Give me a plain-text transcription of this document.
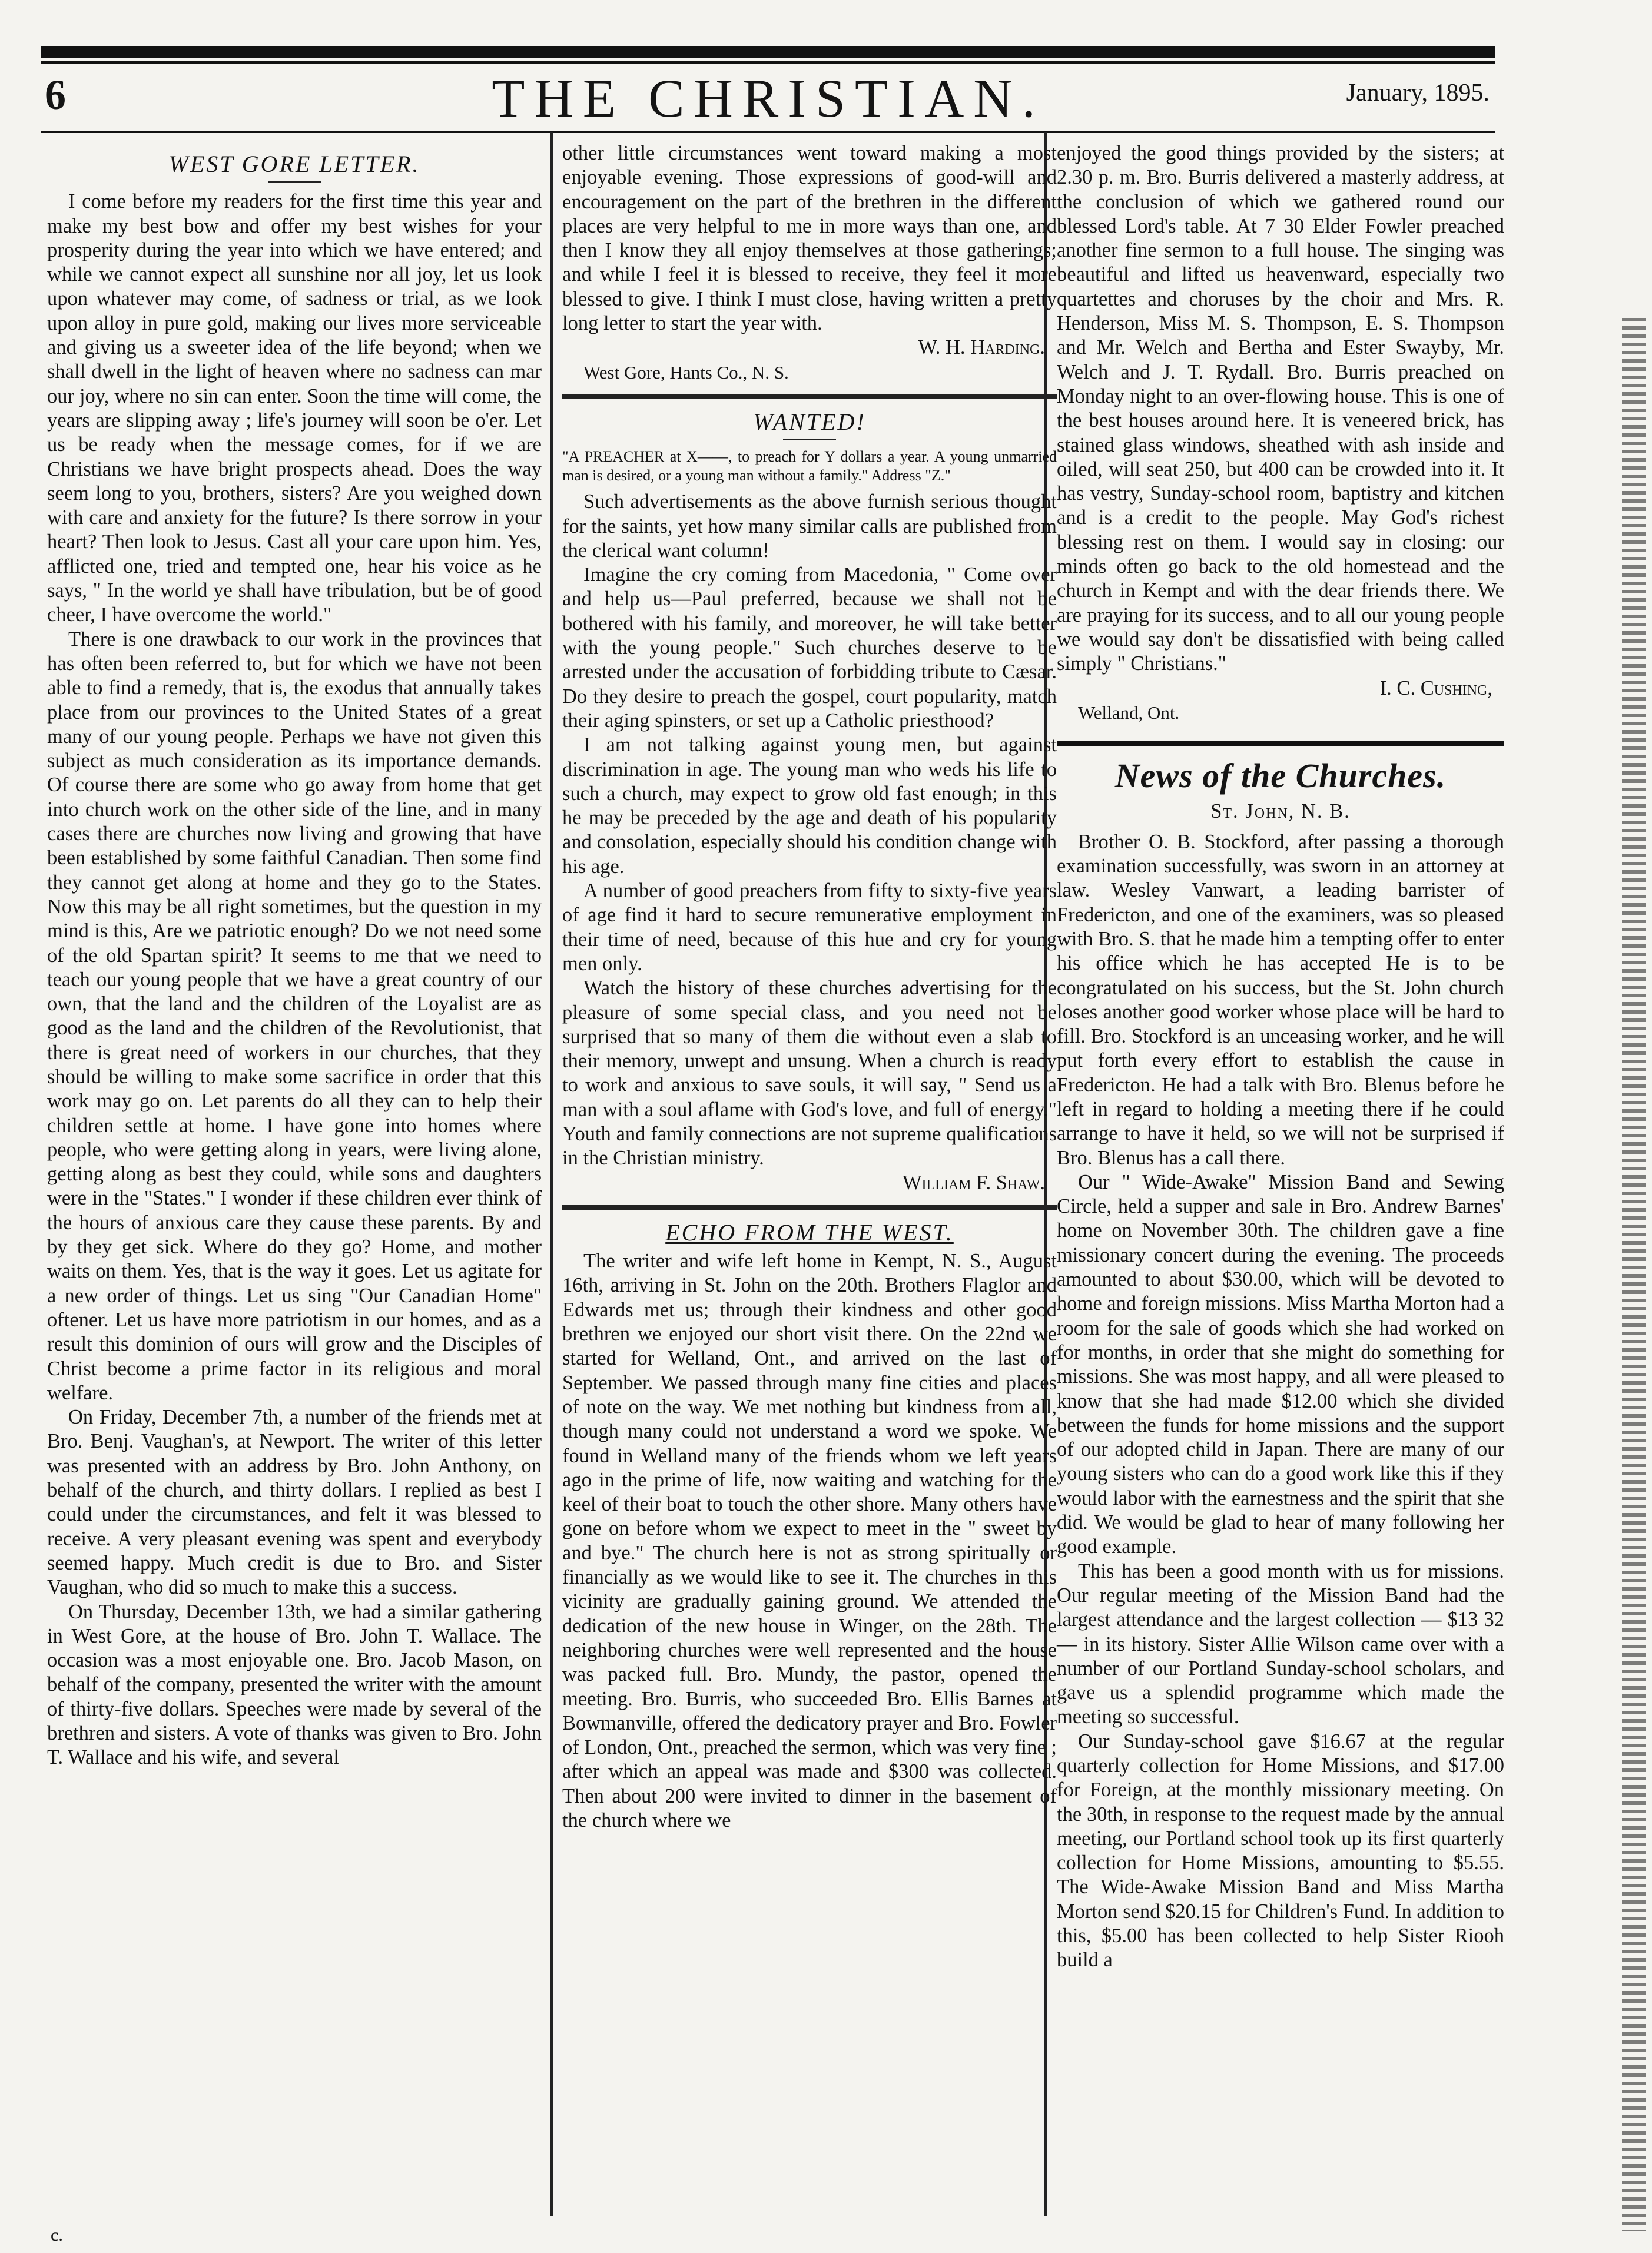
6	THE CHRISTIAN.	January, 1895.
WEST GORE LETTER.

I come before my readers for the first time this year and make my best bow and offer my best wishes for your prosperity during the year into which we have entered; and while we cannot expect all sunshine nor all joy, let us look upon whatever may come, of sadness or trial, as we look upon alloy in pure gold, making our lives more serviceable and giving us a sweeter idea of the life beyond; when we shall dwell in the light of heaven where no sadness can mar our joy, where no sin can enter. Soon the time will come, the years are slipping away ; life's journey will soon be o'er. Let us be ready when the message comes, for if we are Christians we have bright prospects ahead. Does the way seem long to you, brothers, sisters? Are you weighed down with care and anxiety for the future? Is there sorrow in your heart? Then look to Jesus. Cast all your care upon him. Yes, afflicted one, tried and tempted one, hear his voice as he says, " In the world ye shall have tribulation, but be of good cheer, I have overcome the world."

There is one drawback to our work in the provinces that has often been referred to, but for which we have not been able to find a remedy, that is, the exodus that annually takes place from our provinces to the United States of a great many of our young people. Perhaps we have not given this subject as much consideration as its importance demands. Of course there are some who go away from home that get into church work on the other side of the line, and in many cases there are churches now living and growing that have been established by some faithful Canadian. Then some find they cannot get along at home and they go to the States. Now this may be all right sometimes, but the question in my mind is this, Are we patriotic enough? Do we not need some of the old Spartan spirit? It seems to me that we need to teach our young people that we have a great country of our own, that the land and the children of the Loyalist are as good as the land and the children of the Revolutionist, that there is great need of workers in our churches, that they should be willing to make some sacrifice in order that this work may go on. Let parents do all they can to help their children settle at home. I have gone into homes where people, who were getting along in years, were living alone, getting along as best they could, while sons and daughters were in the "States." I wonder if these children ever think of the hours of anxious care they cause these parents. By and by they get sick. Where do they go? Home, and mother waits on them. Yes, that is the way it goes. Let us agitate for a new order of things. Let us sing "Our Canadian Home" oftener. Let us have more patriotism in our homes, and as a result this dominion of ours will grow and the Disciples of Christ become a prime factor in its religious and moral welfare.

On Friday, December 7th, a number of the friends met at Bro. Benj. Vaughan's, at Newport. The writer of this letter was presented with an address by Bro. John Anthony, on behalf of the church, and thirty dollars. I replied as best I could under the circumstances, and felt it was blessed to receive. A very pleasant evening was spent and everybody seemed happy. Much credit is due to Bro. and Sister Vaughan, who did so much to make this a success.

On Thursday, December 13th, we had a similar gathering in West Gore, at the house of Bro. John T. Wallace. The occasion was a most enjoyable one. Bro. Jacob Mason, on behalf of the company, presented the writer with the amount of thirty-five dollars. Speeches were made by several of the brethren and sisters. A vote of thanks was given to Bro. John T. Wallace and his wife, and several

other little circumstances went toward making a most enjoyable evening. Those expressions of good-will and encouragement on the part of the brethren in the different places are very helpful to me in more ways than one, and then I know they all enjoy themselves at those gatherings; and while I feel it is blessed to receive, they feel it more blessed to give. I think I must close, having written a pretty long letter to start the year with.

W. H. Harding.
West Gore, Hants Co., N. S.
WANTED!
"A PREACHER at X——, to preach for Y dollars a year. A young unmarried man is desired, or a young man without a family." Address "Z."

Such advertisements as the above furnish serious thought for the saints, yet how many similar calls are published from the clerical want column!

Imagine the cry coming from Macedonia, " Come over and help us—Paul preferred, because we shall not be bothered with his family, and moreover, he will take better with the young people." Such churches deserve to be arrested under the accusation of forbidding tribute to Cæsar. Do they desire to preach the gospel, court popularity, match their aging spinsters, or set up a Catholic priesthood?

I am not talking against young men, but against discrimination in age. The young man who weds his life to such a church, may expect to grow old fast enough; in this he may be preceded by the age and death of his popularity and consolation, especially should his condition change with his age.

A number of good preachers from fifty to sixty-five years of age find it hard to secure remunerative employment in their time of need, because of this hue and cry for young men only.

Watch the history of these churches advertising for the pleasure of some special class, and you need not be surprised that so many of them die without even a slab to their memory, unwept and unsung. When a church is ready to work and anxious to save souls, it will say, " Send us a man with a soul aflame with God's love, and full of energy." Youth and family connections are not supreme qualifications in the Christian ministry.

William F. Shaw.
ECHO FROM THE WEST.

The writer and wife left home in Kempt, N. S., August 16th, arriving in St. John on the 20th. Brothers Flaglor and Edwards met us; through their kindness and other good brethren we enjoyed our short visit there. On the 22nd we started for Welland, Ont., and arrived on the last of September. We passed through many fine cities and places of note on the way. We met nothing but kindness from all, though many could not understand a word we spoke. We found in Welland many of the friends whom we left years ago in the prime of life, now waiting and watching for the keel of their boat to touch the other shore. Many others have gone on before whom we expect to meet in the " sweet by and bye." The church here is not as strong spiritually or financially as we would like to see it. The churches in this vicinity are gradually gaining ground. We attended the dedication of the new house in Winger, on the 28th. The neighboring churches were well represented and the house was packed full. Bro. Mundy, the pastor, opened the meeting. Bro. Burris, who succeeded Bro. Ellis Barnes at Bowmanville, offered the dedicatory prayer and Bro. Fowler of London, Ont., preached the sermon, which was very fine ; after which an appeal was made and $300 was collected. Then about 200 were invited to dinner in the basement of the church where we

enjoyed the good things provided by the sisters; at 2.30 p. m. Bro. Burris delivered a masterly address, at the conclusion of which we gathered round our blessed Lord's table. At 7 30 Elder Fowler preached another fine sermon to a full house. The singing was beautiful and lifted us heavenward, especially two quartettes and choruses by the choir and Mrs. R. Henderson, Miss M. S. Thompson, E. S. Thompson and Mr. Welch and Bertha and Ester Swayby, Mr. Welch and J. T. Rydall. Bro. Burris preached on Monday night to an over-flowing house. This is one of the best houses around here. It is veneered brick, has stained glass windows, sheathed with ash inside and oiled, will seat 250, but 400 can be crowded into it. It has vestry, Sunday-school room, baptistry and kitchen and is a credit to the people. May God's richest blessing rest on them. I would say in closing: our minds often go back to the old homestead and the church in Kempt and with the dear friends there. We are praying for its success, and to all our young people we would say don't be dissatisfied with being called simply " Christians."

I. C. Cushing,
Welland, Ont.
News of the Churches.
St. John, N. B.

Brother O. B. Stockford, after passing a thorough examination successfully, was sworn in an attorney at law. Wesley Vanwart, a leading barrister of Fredericton, and one of the examiners, was so pleased with Bro. S. that he made him a tempting offer to enter his office which he has accepted He is to be congratulated on his success, but the St. John church loses another good worker whose place will be hard to fill. Bro. Stockford is an unceasing worker, and he will put forth every effort to establish the cause in Fredericton. He had a talk with Bro. Blenus before he left in regard to holding a meeting there if he could arrange to have it held, so we will not be surprised if Bro. Blenus has a call there.

Our " Wide-Awake" Mission Band and Sewing Circle, held a supper and sale in Bro. Andrew Barnes' home on November 30th. The children gave a fine missionary concert during the evening. The proceeds amounted to about $30.00, which will be devoted to home and foreign missions. Miss Martha Morton had a room for the sale of goods which she had worked on for months, in order that she might do something for missions. She was most happy, and all were pleased to know that she had made $12.00 which she divided between the funds for home missions and the support of our adopted child in Japan. There are many of our young sisters who can do a good work like this if they would labor with the earnestness and the spirit that she did. We would be glad to hear of many following her good example.

This has been a good month with us for missions. Our regular meeting of the Mission Band had the largest attendance and the largest collection — $13 32— in its history. Sister Allie Wilson came over with a number of our Portland Sunday-school scholars, and gave us a splendid programme which made the meeting so successful.

Our Sunday-school gave $16.67 at the regular quarterly collection for Home Missions, and $17.00 for Foreign, at the monthly missionary meeting. On the 30th, in response to the request made by the annual meeting, our Portland school took up its first quarterly collection for Home Missions, amounting to $5.55. The Wide-Awake Mission Band and Miss Martha Morton send $20.15 for Children's Fund. In addition to this, $5.00 has been collected to help Sister Riooh build a

c.
